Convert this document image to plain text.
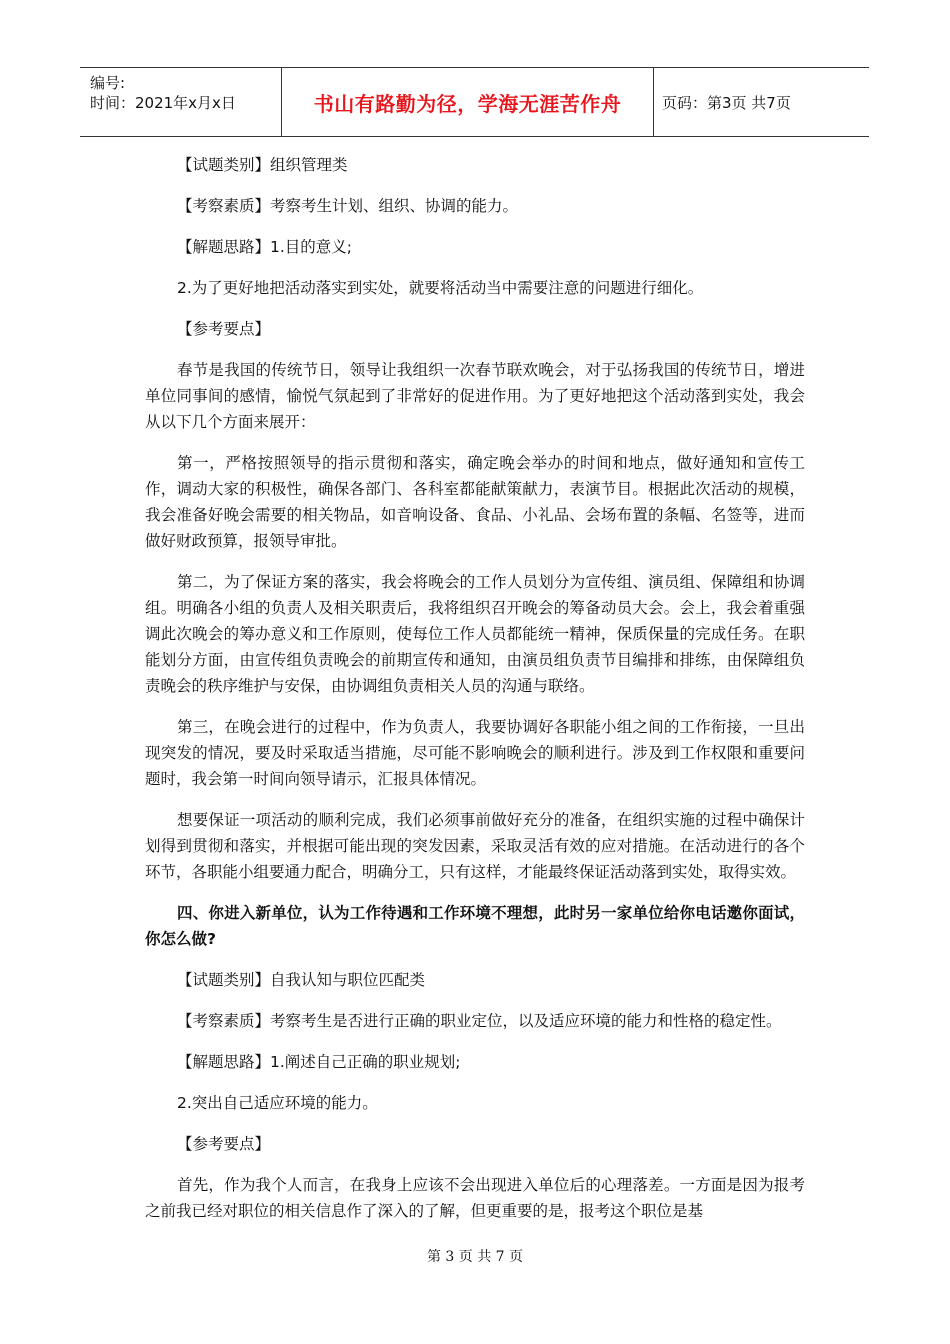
编号:
时间：2021年x月x日	书山有路勤为径，学海无涯苦作舟	页码：第3页 共7页

【试题类别】组织管理类

【考察素质】考察考生计划、组织、协调的能力。

【解题思路】1.目的意义;

2.为了更好地把活动落实到实处，就要将活动当中需要注意的问题进行细化。

【参考要点】

春节是我国的传统节日，领导让我组织一次春节联欢晚会，对于弘扬我国的传统节日，增进单位同事间的感情，愉悦气氛起到了非常好的促进作用。为了更好地把这个活动落到实处，我会从以下几个方面来展开：

第一，严格按照领导的指示贯彻和落实，确定晚会举办的时间和地点，做好通知和宣传工作，调动大家的积极性，确保各部门、各科室都能献策献力，表演节目。根据此次活动的规模，我会准备好晚会需要的相关物品，如音响设备、食品、小礼品、会场布置的条幅、名签等，进而做好财政预算，报领导审批。

第二，为了保证方案的落实，我会将晚会的工作人员划分为宣传组、演员组、保障组和协调组。明确各小组的负责人及相关职责后，我将组织召开晚会的筹备动员大会。会上，我会着重强调此次晚会的筹办意义和工作原则，使每位工作人员都能统一精神，保质保量的完成任务。在职能划分方面，由宣传组负责晚会的前期宣传和通知，由演员组负责节目编排和排练，由保障组负责晚会的秩序维护与安保，由协调组负责相关人员的沟通与联络。

第三，在晚会进行的过程中，作为负责人，我要协调好各职能小组之间的工作衔接，一旦出现突发的情况，要及时采取适当措施，尽可能不影响晚会的顺利进行。涉及到工作权限和重要问题时，我会第一时间向领导请示，汇报具体情况。

想要保证一项活动的顺利完成，我们必须事前做好充分的准备，在组织实施的过程中确保计划得到贯彻和落实，并根据可能出现的突发因素，采取灵活有效的应对措施。在活动进行的各个环节，各职能小组要通力配合，明确分工，只有这样，才能最终保证活动落到实处，取得实效。

四、你进入新单位，认为工作待遇和工作环境不理想，此时另一家单位给你电话邀你面试，你怎么做?

【试题类别】自我认知与职位匹配类

【考察素质】考察考生是否进行正确的职业定位，以及适应环境的能力和性格的稳定性。

【解题思路】1.阐述自己正确的职业规划;

2.突出自己适应环境的能力。

【参考要点】

首先，作为我个人而言，在我身上应该不会出现进入单位后的心理落差。一方面是因为报考之前我已经对职位的相关信息作了深入的了解，但更重要的是，报考这个职位是基

第 3 页 共 7 页
